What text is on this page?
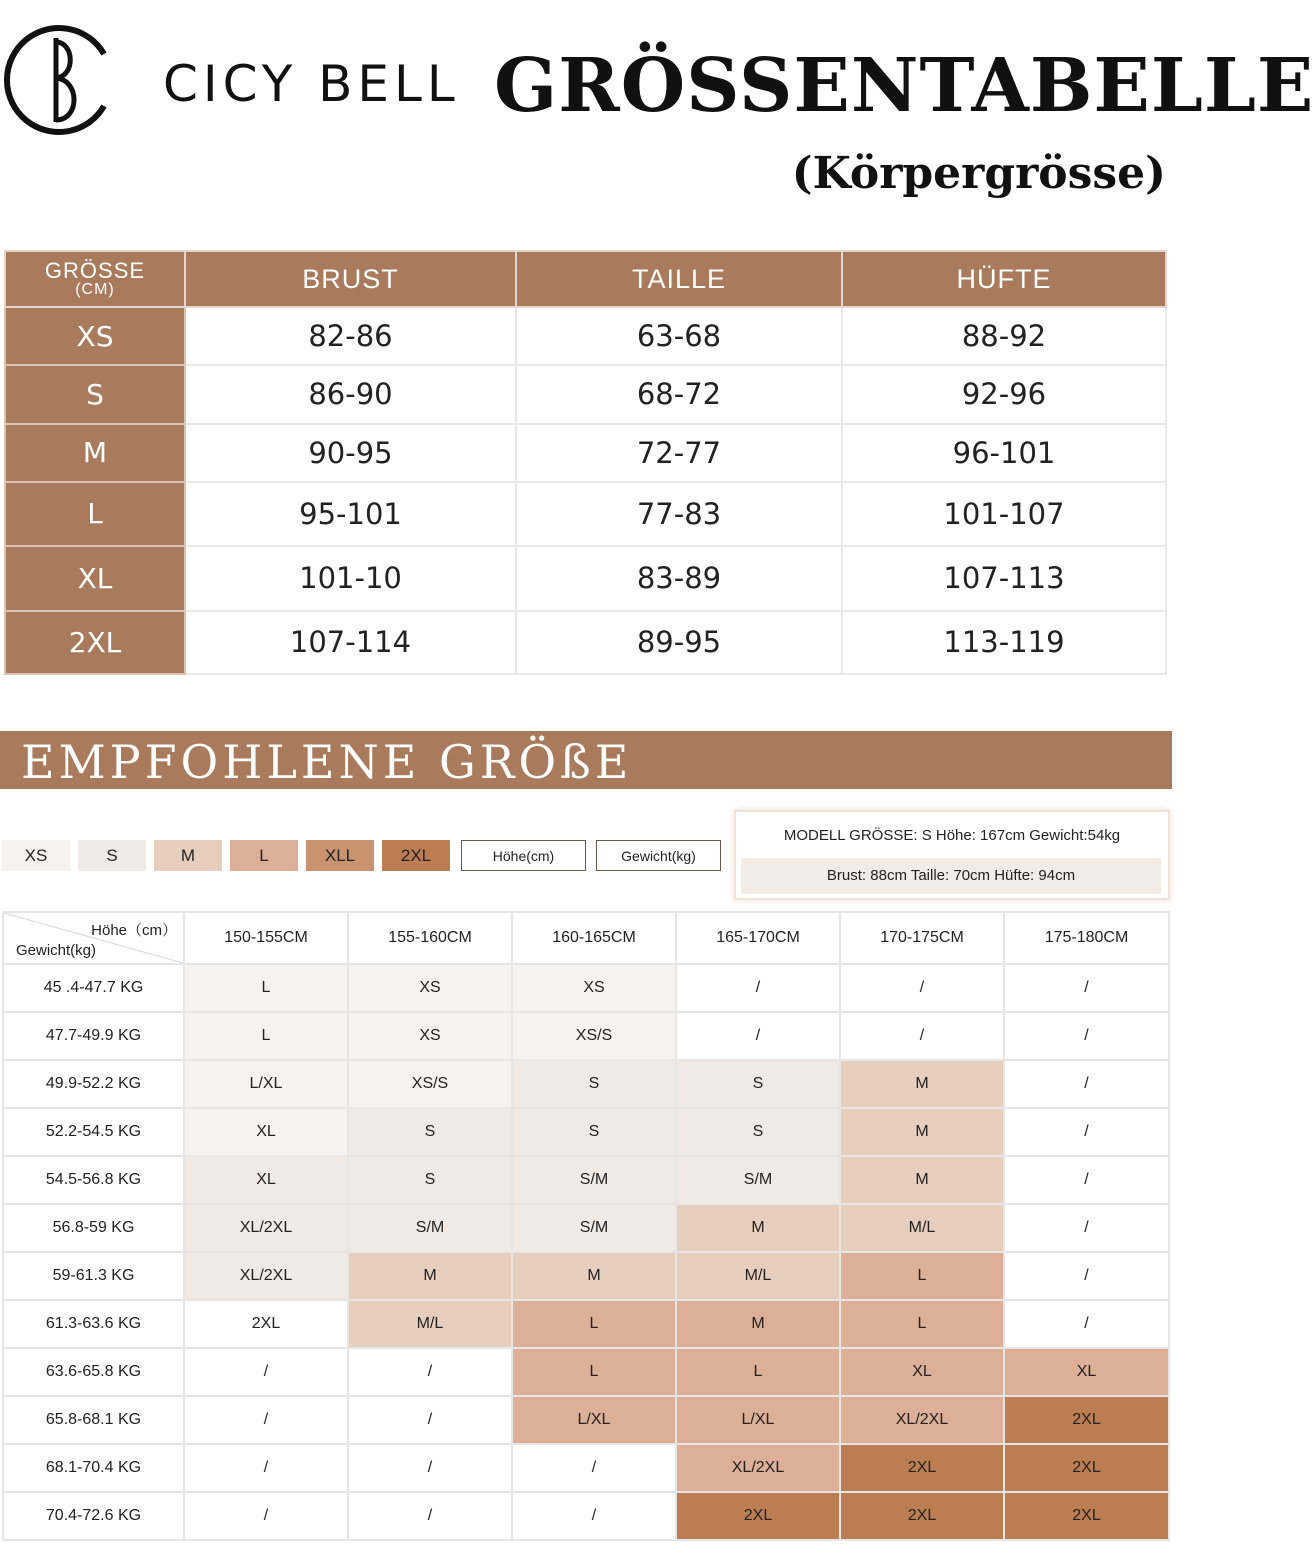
CICY BELL GRÖSSENTABELLE
(Körpergrösse)
GRÖSSE
(CM)	BRUST	TAILLE	HÜFTE
XS	82-86	63-68	88-92
S	86-90	68-72	92-96
M	90-95	72-77	96-101
L	95-101	77-83	101-107
XL	101-10	83-89	107-113
2XL	107-114	89-95	113-119
EMPFOHLENE GRÖßE
XS	S	M	L	XLL	2XL	Höhe(cm)	Gewicht(kg)
MODELL GRÖSSE: S Höhe: 167cm Gewicht:54kg
Brust: 88cm Taille: 70cm Hüfte: 94cm
Höhe（cm）
Gewicht(kg)	150-155CM	155-160CM	160-165CM	165-170CM	170-175CM	175-180CM
45 .4-47.7 KG	L	XS	XS	/	/	/
47.7-49.9 KG	L	XS	XS/S	/	/	/
49.9-52.2 KG	L/XL	XS/S	S	S	M	/
52.2-54.5 KG	XL	S	S	S	M	/
54.5-56.8 KG	XL	S	S/M	S/M	M	/
56.8-59 KG	XL/2XL	S/M	S/M	M	M/L	/
59-61.3 KG	XL/2XL	M	M	M/L	L	/
61.3-63.6 KG	2XL	M/L	L	M	L	/
63.6-65.8 KG	/	/	L	L	XL	XL
65.8-68.1 KG	/	/	L/XL	L/XL	XL/2XL	2XL
68.1-70.4 KG	/	/	/	XL/2XL	2XL	2XL
70.4-72.6 KG	/	/	/	2XL	2XL	2XL
